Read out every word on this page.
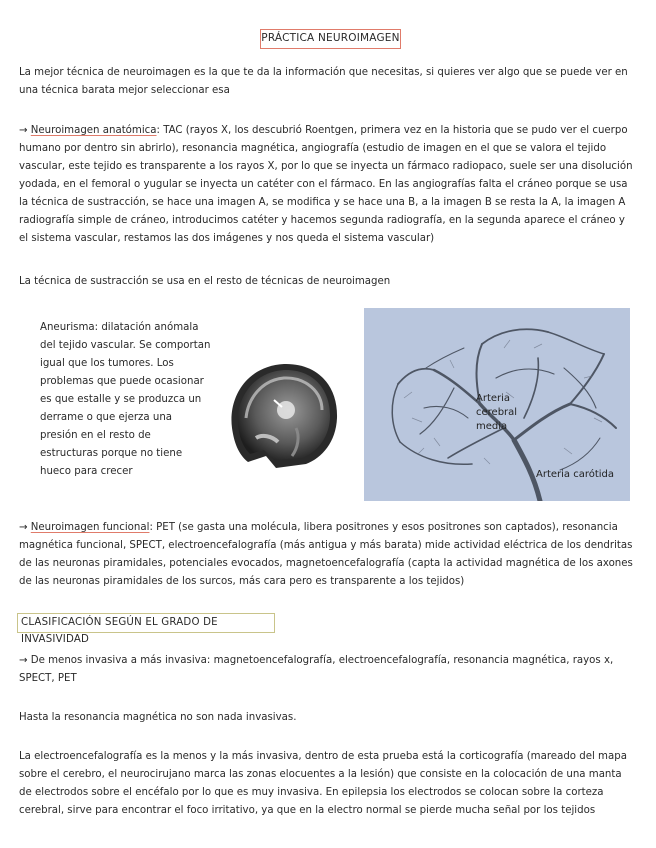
PRÁCTICA NEUROIMAGEN

La mejor técnica de neuroimagen es la que te da la información que necesitas, si quieres ver algo que se puede ver en una técnica barata mejor seleccionar esa

→ Neuroimagen anatómica: TAC (rayos X, los descubrió Roentgen, primera vez en la historia que se pudo ver el cuerpo humano por dentro sin abrirlo), resonancia magnética, angiografía (estudio de imagen en el que se valora el tejido vascular, este tejido es transparente a los rayos X, por lo que se inyecta un fármaco radiopaco, suele ser una disolución yodada, en el femoral o yugular se inyecta un catéter con el fármaco. En las angiografías falta el cráneo porque se usa la técnica de sustracción, se hace una imagen A, se modifica y se hace una B, a la imagen B se resta la A, la imagen A radiografía simple de cráneo, introducimos catéter y hacemos segunda radiografía, en la segunda aparece el cráneo y el sistema vascular, restamos las dos imágenes y nos queda el sistema vascular)

La técnica de sustracción se usa en el resto de técnicas de neuroimagen

Aneurisma: dilatación anómala del tejido vascular. Se comportan igual que los tumores. Los problemas que puede ocasionar es que estalle y se produzca un derrame o que ejerza una presión en el resto de estructuras porque no tiene hueco para crecer
Arteria cerebral media
Arteria carótida

→ Neuroimagen funcional: PET (se gasta una molécula, libera positrones y esos positrones son captados), resonancia magnética funcional, SPECT, electroencefalografía (más antigua y más barata) mide actividad eléctrica de los dendritas de las neuronas piramidales, potenciales evocados, magnetoencefalografía (capta la actividad magnética de los axones de las neuronas piramidales de los surcos, más cara pero es transparente a los tejidos)

CLASIFICACIÓN SEGÚN EL GRADO DE INVASIVIDAD

→ De menos invasiva a más invasiva: magnetoencefalografía, electroencefalografía, resonancia magnética, rayos x, SPECT, PET

Hasta la resonancia magnética no son nada invasivas.

La electroencefalografía es la menos y la más invasiva, dentro de esta prueba está la corticografía (mareado del mapa sobre el cerebro, el neurocirujano marca las zonas elocuentes a la lesión) que consiste en la colocación de una manta de electrodos sobre el encéfalo por lo que es muy invasiva. En epilepsia los electrodos se colocan sobre la corteza cerebral, sirve para encontrar el foco irritativo, ya que en la electro normal se pierde mucha señal por los tejidos
